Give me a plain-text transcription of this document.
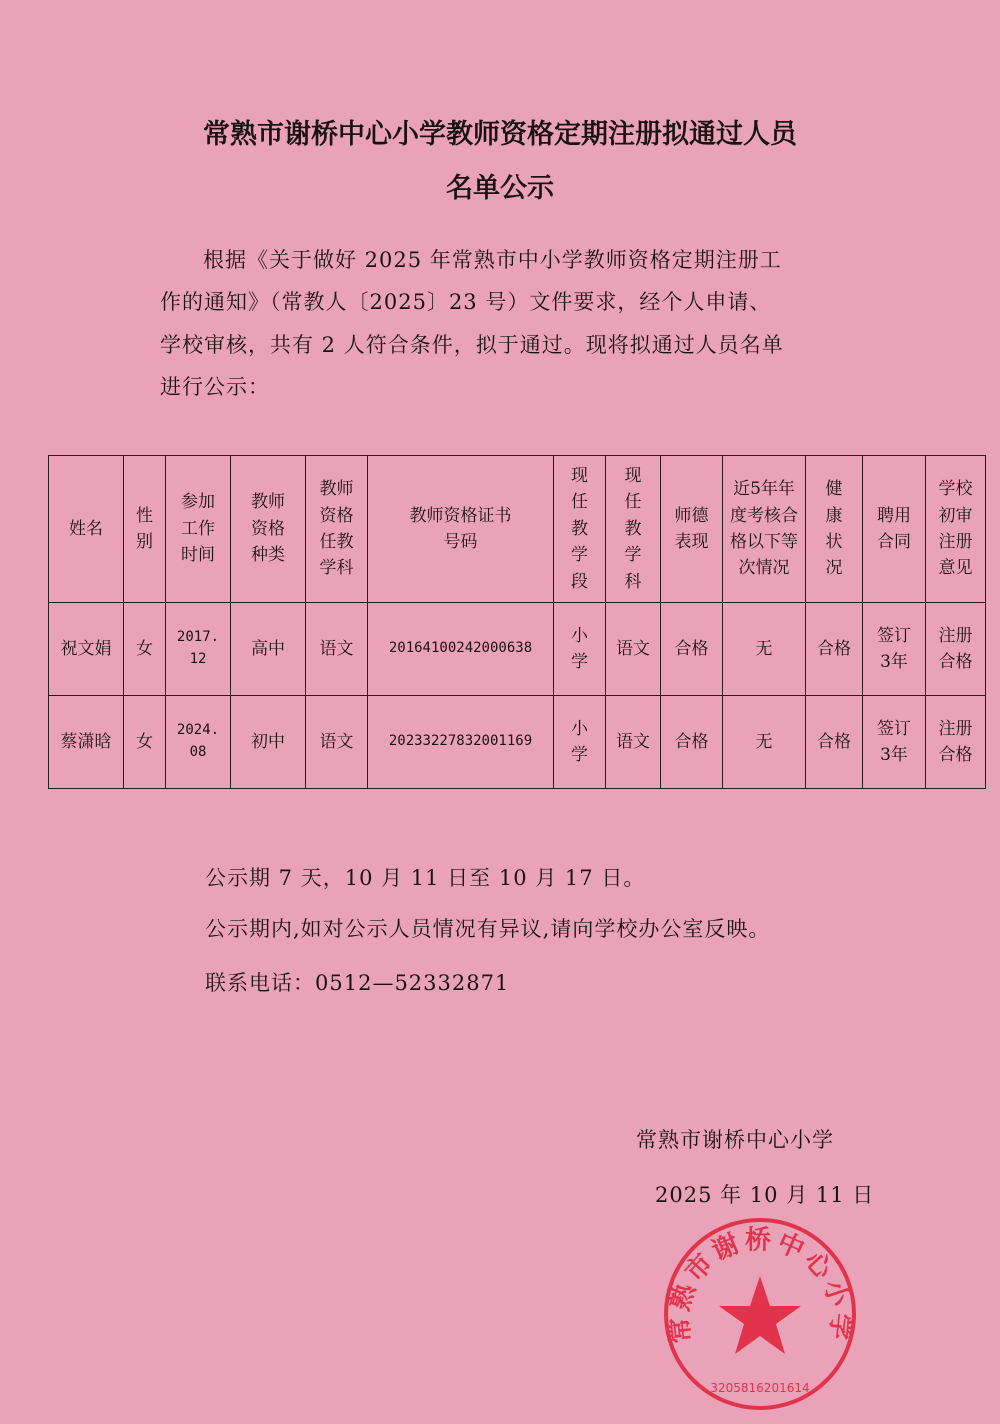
常熟市谢桥中心小学教师资格定期注册拟通过人员
名单公示
根据《关于做好 2025 年常熟市中小学教师资格定期注册工
作的通知》（常教人〔2025〕23 号）文件要求，经个人申请、
学校审核，共有 2 人符合条件，拟于通过。现将拟通过人员名单
进行公示：
姓名	性别	参加工作时间	教师资格种类	教师资格任教学科	教师资格证书号码	现任教学段	现任教学科	师德表现	近5年年度考核合格以下等次情况	健康状况	聘用合同	学校初审注册意见

祝文娟	女	2017.12	高中	语文	20164100242000638	小学	语文	合格	无	合格	签订3年	注册合格

蔡潇晗	女	2024.08	初中	语文	20233227832001169	小学	语文	合格	无	合格	签订3年	注册合格
公示期 7 天，10 月 11 日至 10 月 17 日。
公示期内,如对公示人员情况有异议,请向学校办公室反映。
联系电话：0512—52332871
常熟市谢桥中心小学
2025 年 10 月 11 日
常熟市谢桥中心小学
3205816201614
